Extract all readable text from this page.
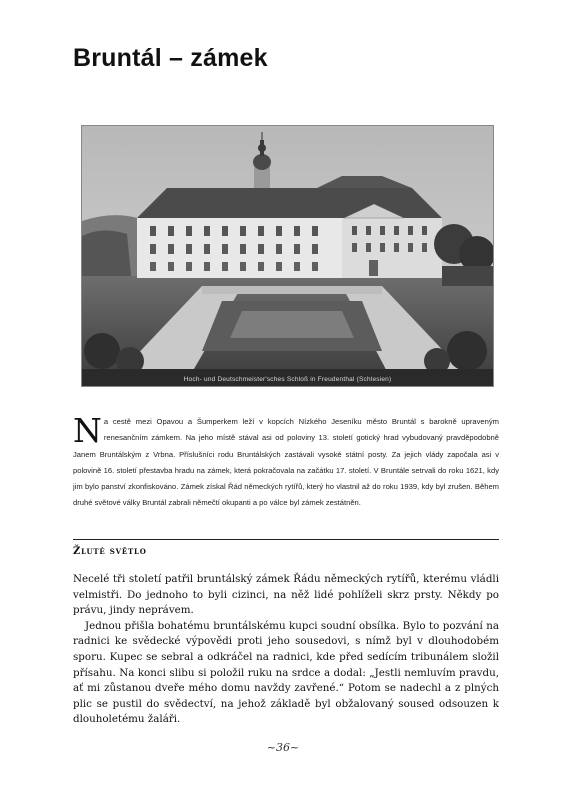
Bruntál – zámek
Hoch- und Deutschmeister'sches Schloß in Freudenthal (Schlesien)
Na cestě mezi Opavou a Šumperkem leží v kopcích Nízkého Jeseníku město Bruntál s barokně upraveným renesančním zámkem. Na jeho místě stával asi od poloviny 13. století gotický hrad vybudovaný pravděpodobně Janem Bruntálským z Vrbna. Příslušníci rodu Bruntálských zastávali vysoké státní posty. Za jejich vlády započala asi v polovině 16. století přestavba hradu na zámek, která pokračovala na začátku 17. století. V Bruntále setrvali do roku 1621, kdy jim bylo panství zkonfiskováno. Zámek získal Řád německých rytířů, který ho vlastnil až do roku 1939, kdy byl zrušen. Během druhé světové války Bruntál zabrali němečtí okupanti a po válce byl zámek zestátněn.
Žluté světlo

Necelé tři století patřil bruntálský zámek Řádu německých rytířů, kterému vládli velmistři. Do jednoho to byli cizinci, na něž lidé pohlíželi skrz prsty. Někdy po právu, jindy neprávem.

Jednou přišla bohatému bruntálskému kupci soudní obsílka. Bylo to pozvání na radnici ke svědecké výpovědi proti jeho sousedovi, s nímž byl v dlouhodobém sporu. Kupec se sebral a odkráčel na radnici, kde před sedícím tribunálem složil přísahu. Na konci slibu si položil ruku na srdce a dodal: „Jestli nemluvím pravdu, ať mi zůstanou dveře mého domu navždy zavřené.“ Potom se nadechl a z plných plic se pustil do svědectví, na jehož základě byl obžalovaný soused odsouzen k dlouholetému žaláři.

~36~
